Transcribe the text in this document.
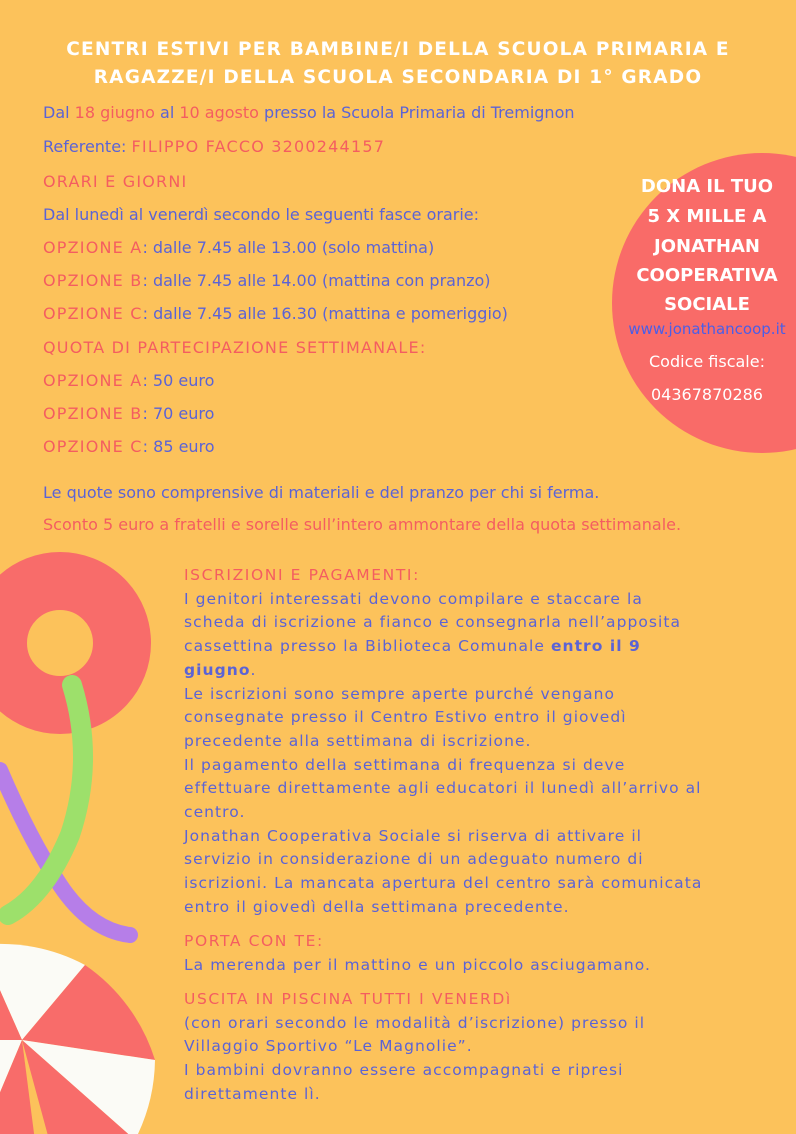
CENTRI ESTIVI PER BAMBINE/I DELLA SCUOLA PRIMARIA E
RAGAZZE/I DELLA SCUOLA SECONDARIA DI 1° GRADO
Dal 18 giugno al 10 agosto presso la Scuola Primaria di Tremignon
Referente: FILIPPO FACCO 3200244157
ORARI E GIORNI
Dal lunedì al venerdì secondo le seguenti fasce orarie:
OPZIONE A: dalle 7.45 alle 13.00 (solo mattina)
OPZIONE B: dalle 7.45 alle 14.00 (mattina con pranzo)
OPZIONE C: dalle 7.45 alle 16.30 (mattina e pomeriggio)
QUOTA DI PARTECIPAZIONE SETTIMANALE:
OPZIONE A: 50 euro
OPZIONE B: 70 euro
OPZIONE C: 85 euro
Le quote sono comprensive di materiali e del pranzo per chi si ferma.
Sconto 5 euro a fratelli e sorelle sull’intero ammontare della quota settimanale.
DONA IL TUO
5 X MILLE A
JONATHAN
COOPERATIVA
SOCIALE
www.jonathancoop.it
Codice fiscale:
04367870286
ISCRIZIONI E PAGAMENTI:
I genitori interessati devono compilare e staccare la
scheda di iscrizione a fianco e consegnarla nell’apposita
cassettina presso la Biblioteca Comunale entro il 9
giugno.
Le iscrizioni sono sempre aperte purché vengano
consegnate presso il Centro Estivo entro il giovedì
precedente alla settimana di iscrizione.
Il pagamento della settimana di frequenza si deve
effettuare direttamente agli educatori il lunedì all’arrivo al
centro.
Jonathan Cooperativa Sociale si riserva di attivare il
servizio in considerazione di un adeguato numero di
iscrizioni. La mancata apertura del centro sarà comunicata
entro il giovedì della settimana precedente.
PORTA CON TE:
La merenda per il mattino e un piccolo asciugamano.
USCITA IN PISCINA TUTTI I VENERDì
(con orari secondo le modalità d’iscrizione) presso il
Villaggio Sportivo “Le Magnolie”.
I bambini dovranno essere accompagnati e ripresi
direttamente lì.
